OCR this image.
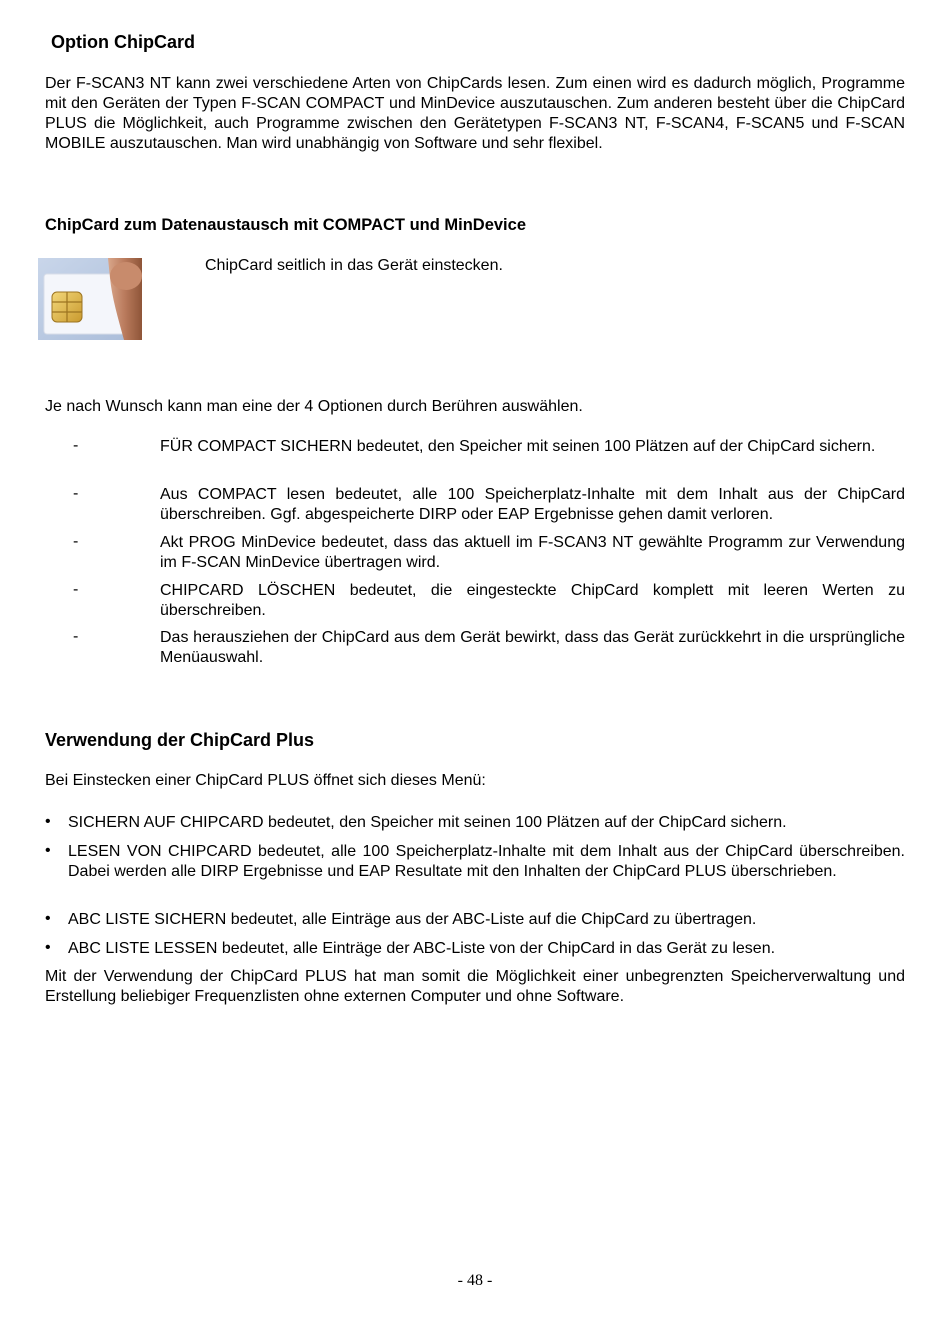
Option ChipCard
Der F-SCAN3 NT kann zwei verschiedene Arten von ChipCards lesen. Zum einen wird es dadurch möglich, Programme mit den Geräten der Typen F-SCAN COMPACT und MinDevice auszutauschen. Zum anderen besteht über die ChipCard PLUS die Möglichkeit, auch Programme zwischen den Gerätetypen F-SCAN3 NT, F-SCAN4, F-SCAN5 und F-SCAN MOBILE auszutauschen. Man wird unabhängig von Software und sehr flexibel.
ChipCard zum Datenaustausch mit COMPACT und MinDevice
ChipCard seitlich in das Gerät einstecken.
Je nach Wunsch kann man eine der 4 Optionen durch Berühren auswählen.
-	FÜR COMPACT SICHERN bedeutet, den Speicher mit seinen 100 Plätzen auf der ChipCard sichern.
-	Aus COMPACT lesen bedeutet, alle 100 Speicherplatz-Inhalte mit dem Inhalt aus der ChipCard überschreiben. Ggf. abgespeicherte DIRP oder EAP Ergebnisse gehen damit verloren.
-	Akt PROG MinDevice bedeutet, dass das aktuell im F-SCAN3 NT gewählte Programm zur Verwendung im F-SCAN MinDevice übertragen wird.
-	CHIPCARD LÖSCHEN bedeutet, die eingesteckte ChipCard komplett mit leeren Werten zu überschreiben.
-	Das herausziehen der ChipCard aus dem Gerät bewirkt, dass das Gerät zurückkehrt in die ursprüngliche Menüauswahl.
Verwendung der ChipCard Plus
Bei Einstecken einer ChipCard PLUS öffnet sich dieses Menü:
• SICHERN AUF CHIPCARD bedeutet, den Speicher mit seinen 100 Plätzen auf der ChipCard sichern.
• LESEN VON CHIPCARD bedeutet, alle 100 Speicherplatz-Inhalte mit dem Inhalt aus der ChipCard überschreiben. Dabei werden alle DIRP Ergebnisse und EAP Resultate mit den Inhalten der ChipCard PLUS überschrieben.
• ABC LISTE SICHERN bedeutet, alle Einträge aus der ABC-Liste auf die ChipCard zu übertragen.
• ABC LISTE LESSEN bedeutet, alle Einträge der ABC-Liste von der ChipCard in das Gerät zu lesen.
Mit der Verwendung der ChipCard PLUS hat man somit die Möglichkeit einer unbegrenzten Speicherverwaltung und Erstellung beliebiger Frequenzlisten ohne externen Computer und ohne Software.
- 48 -
